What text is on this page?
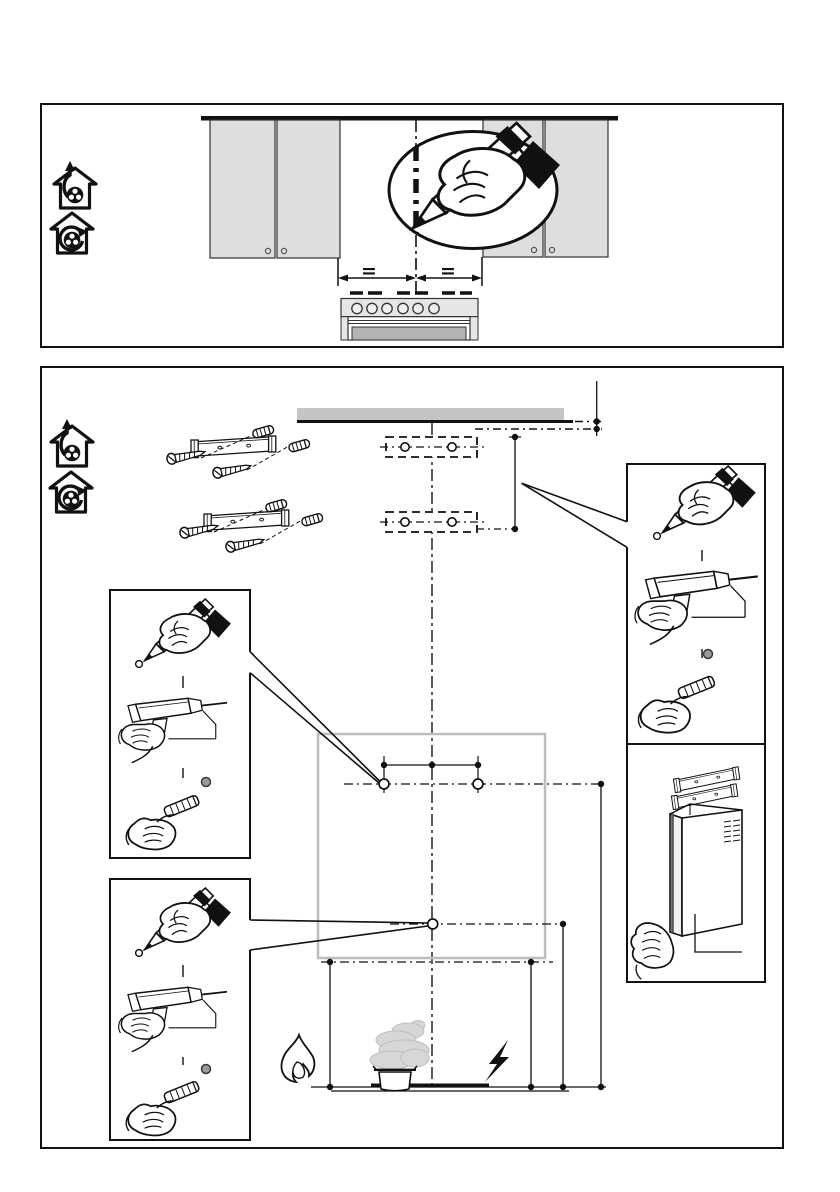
=	=
